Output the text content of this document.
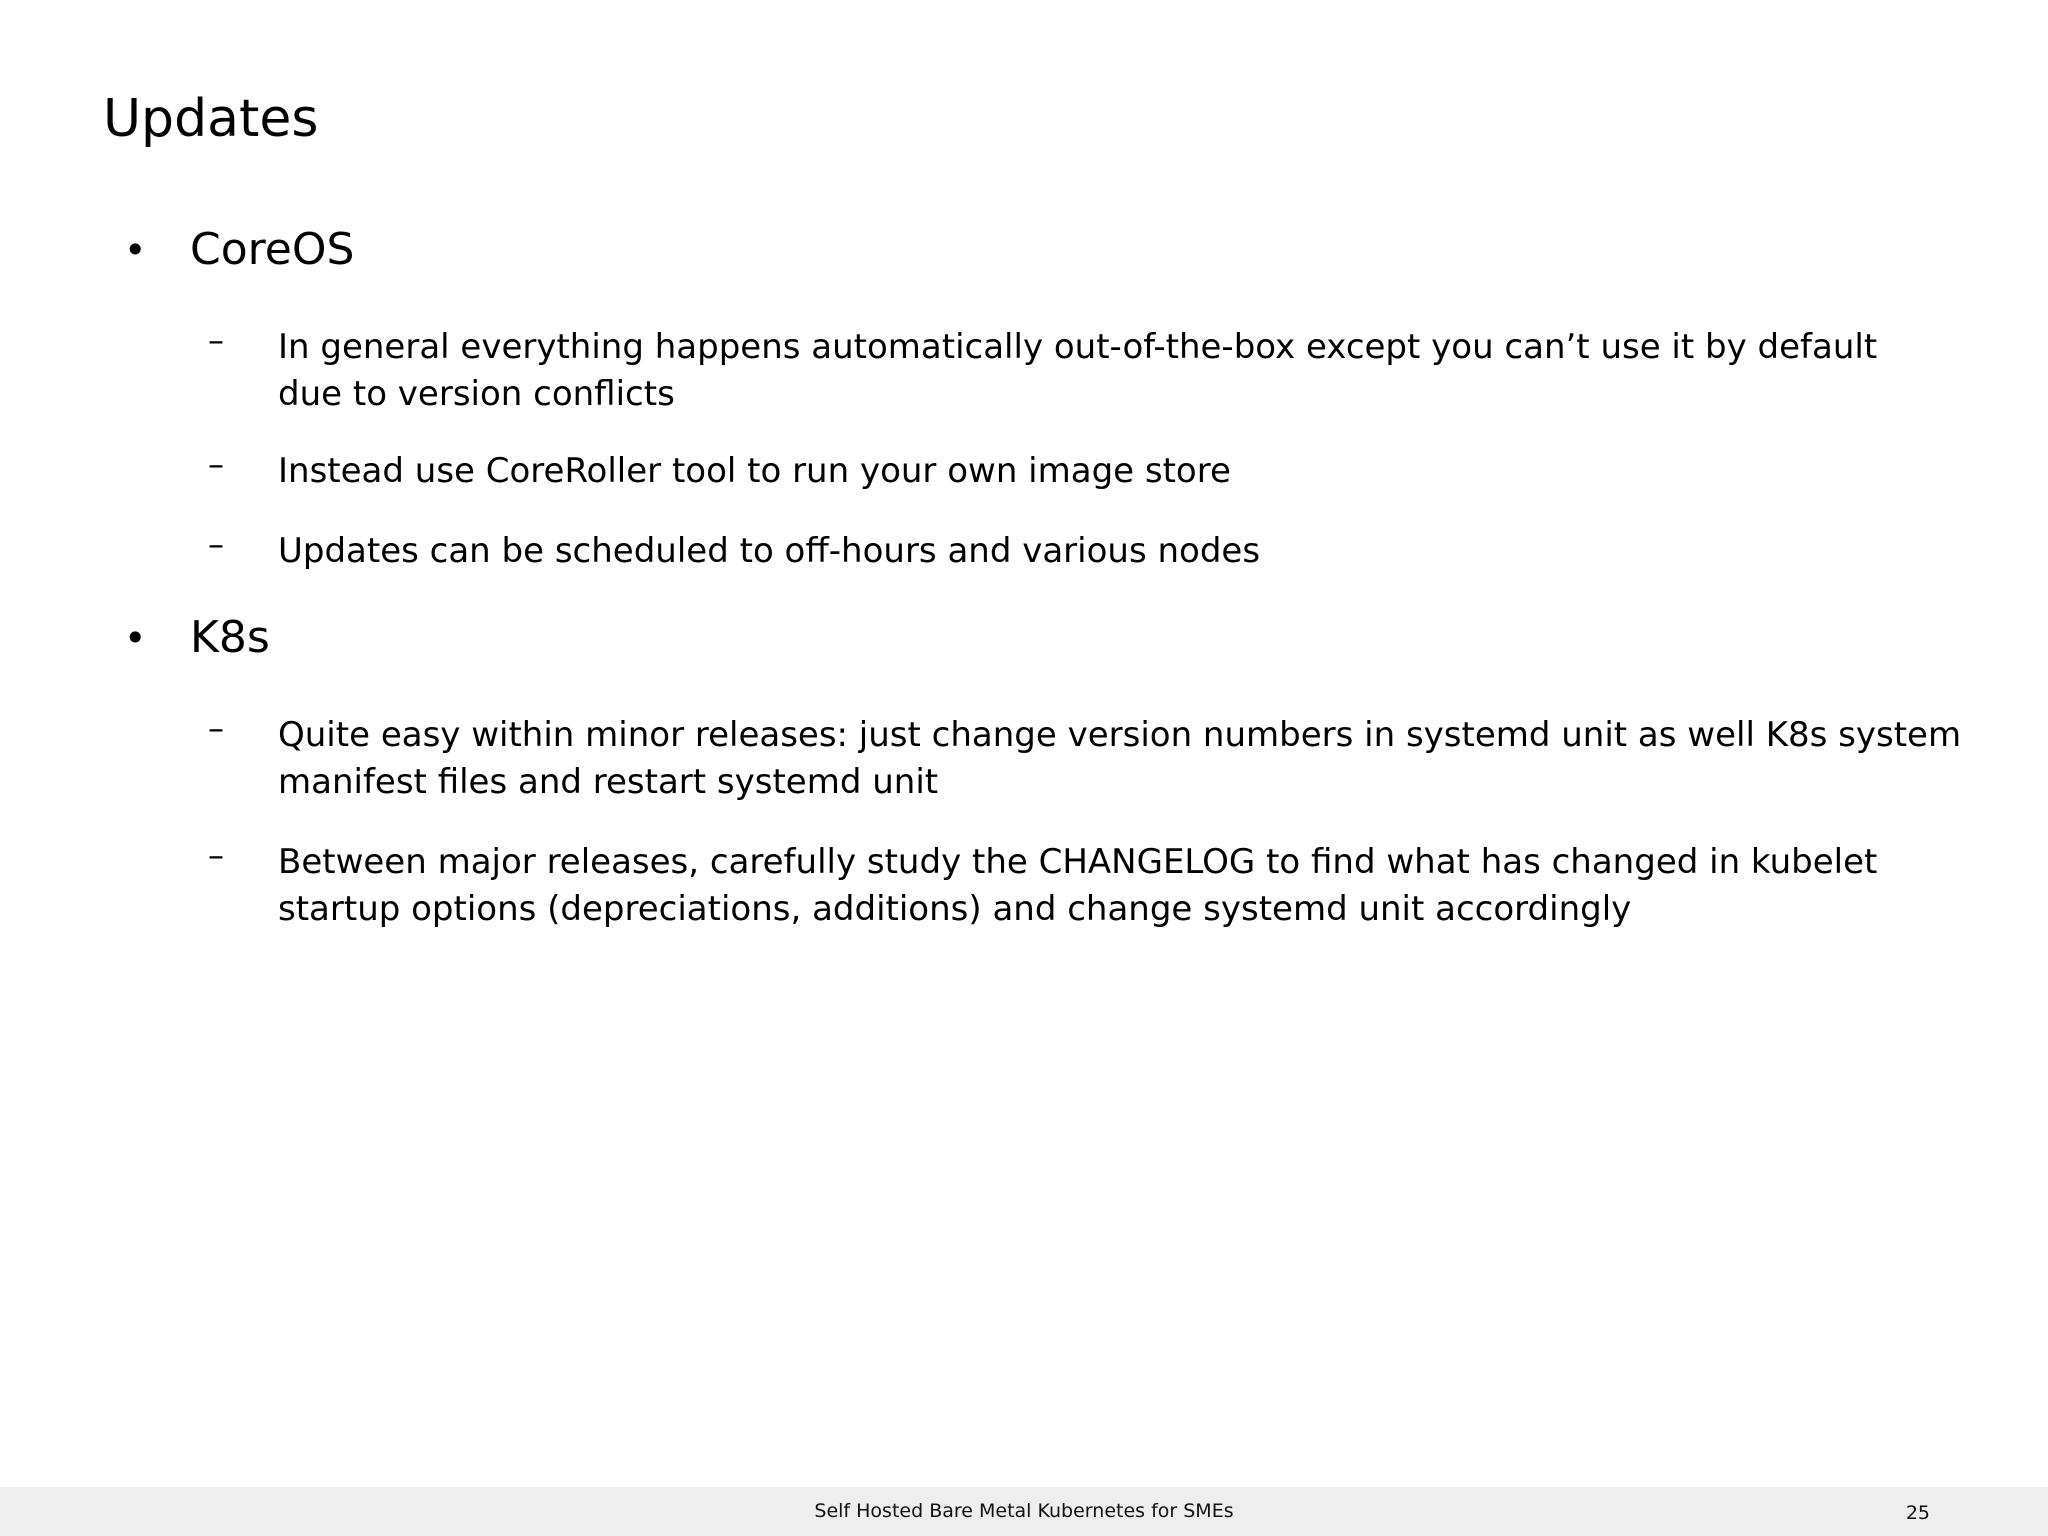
Updates
• CoreOS
– In general everything happens automatically out-of-the-box except you can’t use it by default due to version conflicts
– Instead use CoreRoller tool to run your own image store
– Updates can be scheduled to off-hours and various nodes
• K8s
– Quite easy within minor releases: just change version numbers in systemd unit as well K8s system manifest files and restart systemd unit
– Between major releases, carefully study the CHANGELOG to find what has changed in kubelet startup options (depreciations, additions) and change systemd unit accordingly
Self Hosted Bare Metal Kubernetes for SMEs	25
